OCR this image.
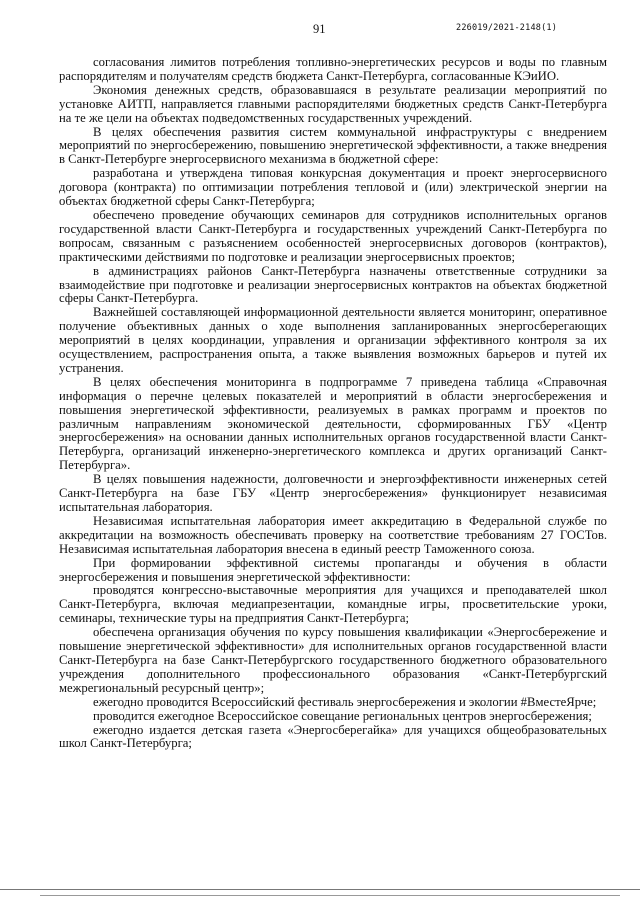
91	226019/2021-2148(1)

согласования лимитов потребления топливно-энергетических ресурсов и воды по главным распорядителям и получателям средств бюджета Санкт-Петербурга, согласованные КЭиИО.

Экономия денежных средств, образовавшаяся в результате реализации мероприятий по установке АИТП, направляется главными распорядителями бюджетных средств Санкт-Петербурга на те же цели на объектах подведомственных государственных учреждений.

В целях обеспечения развития систем коммунальной инфраструктуры с внедрением мероприятий по энергосбережению, повышению энергетической эффективности, а также внедрения в Санкт-Петербурге энергосервисного механизма в бюджетной сфере:

разработана и утверждена типовая конкурсная документация и проект энергосервисного договора (контракта) по оптимизации потребления тепловой и (или) электрической энергии на объектах бюджетной сферы Санкт-Петербурга;

обеспечено проведение обучающих семинаров для сотрудников исполнительных органов государственной власти Санкт-Петербурга и государственных учреждений Санкт-Петербурга по вопросам, связанным с разъяснением особенностей энергосервисных договоров (контрактов), практическими действиями по подготовке и реализации энергосервисных проектов;

в администрациях районов Санкт-Петербурга назначены ответственные сотрудники за взаимодействие при подготовке и реализации энергосервисных контрактов на объектах бюджетной сферы Санкт-Петербурга.

Важнейшей составляющей информационной деятельности является мониторинг, оперативное получение объективных данных о ходе выполнения запланированных энергосберегающих мероприятий в целях координации, управления и организации эффективного контроля за их осуществлением, распространения опыта, а также выявления возможных барьеров и путей их устранения.

В целях обеспечения мониторинга в подпрограмме 7 приведена таблица «Справочная информация о перечне целевых показателей и мероприятий в области энергосбережения и повышения энергетической эффективности, реализуемых в рамках программ и проектов по различным направлениям экономической деятельности, сформированных ГБУ «Центр энергосбережения» на основании данных исполнительных органов государственной власти Санкт-Петербурга, организаций инженерно-энергетического комплекса и других организаций Санкт-Петербурга».

В целях повышения надежности, долговечности и энергоэффективности инженерных сетей Санкт-Петербурга на базе ГБУ «Центр энергосбережения» функционирует независимая испытательная лаборатория.

Независимая испытательная лаборатория имеет аккредитацию в Федеральной службе по аккредитации на возможность обеспечивать проверку на соответствие требованиям 27 ГОСТов. Независимая испытательная лаборатория внесена в единый реестр Таможенного союза.

При формировании эффективной системы пропаганды и обучения в области энергосбережения и повышения энергетической эффективности:

проводятся конгрессно-выставочные мероприятия для учащихся и преподавателей школ Санкт-Петербурга, включая медиапрезентации, командные игры, просветительские уроки, семинары, технические туры на предприятия Санкт-Петербурга;

обеспечена организация обучения по курсу повышения квалификации «Энергосбережение и повышение энергетической эффективности» для исполнительных органов государственной власти Санкт-Петербурга на базе Санкт-Петербургского государственного бюджетного образовательного учреждения дополнительного профессионального образования «Санкт-Петербургский межрегиональный ресурсный центр»;

ежегодно проводится Всероссийский фестиваль энергосбережения и экологии #ВместеЯрче;

проводится ежегодное Всероссийское совещание региональных центров энергосбережения;

ежегодно издается детская газета «Энергосберегайка» для учащихся общеобразовательных школ Санкт-Петербурга;
